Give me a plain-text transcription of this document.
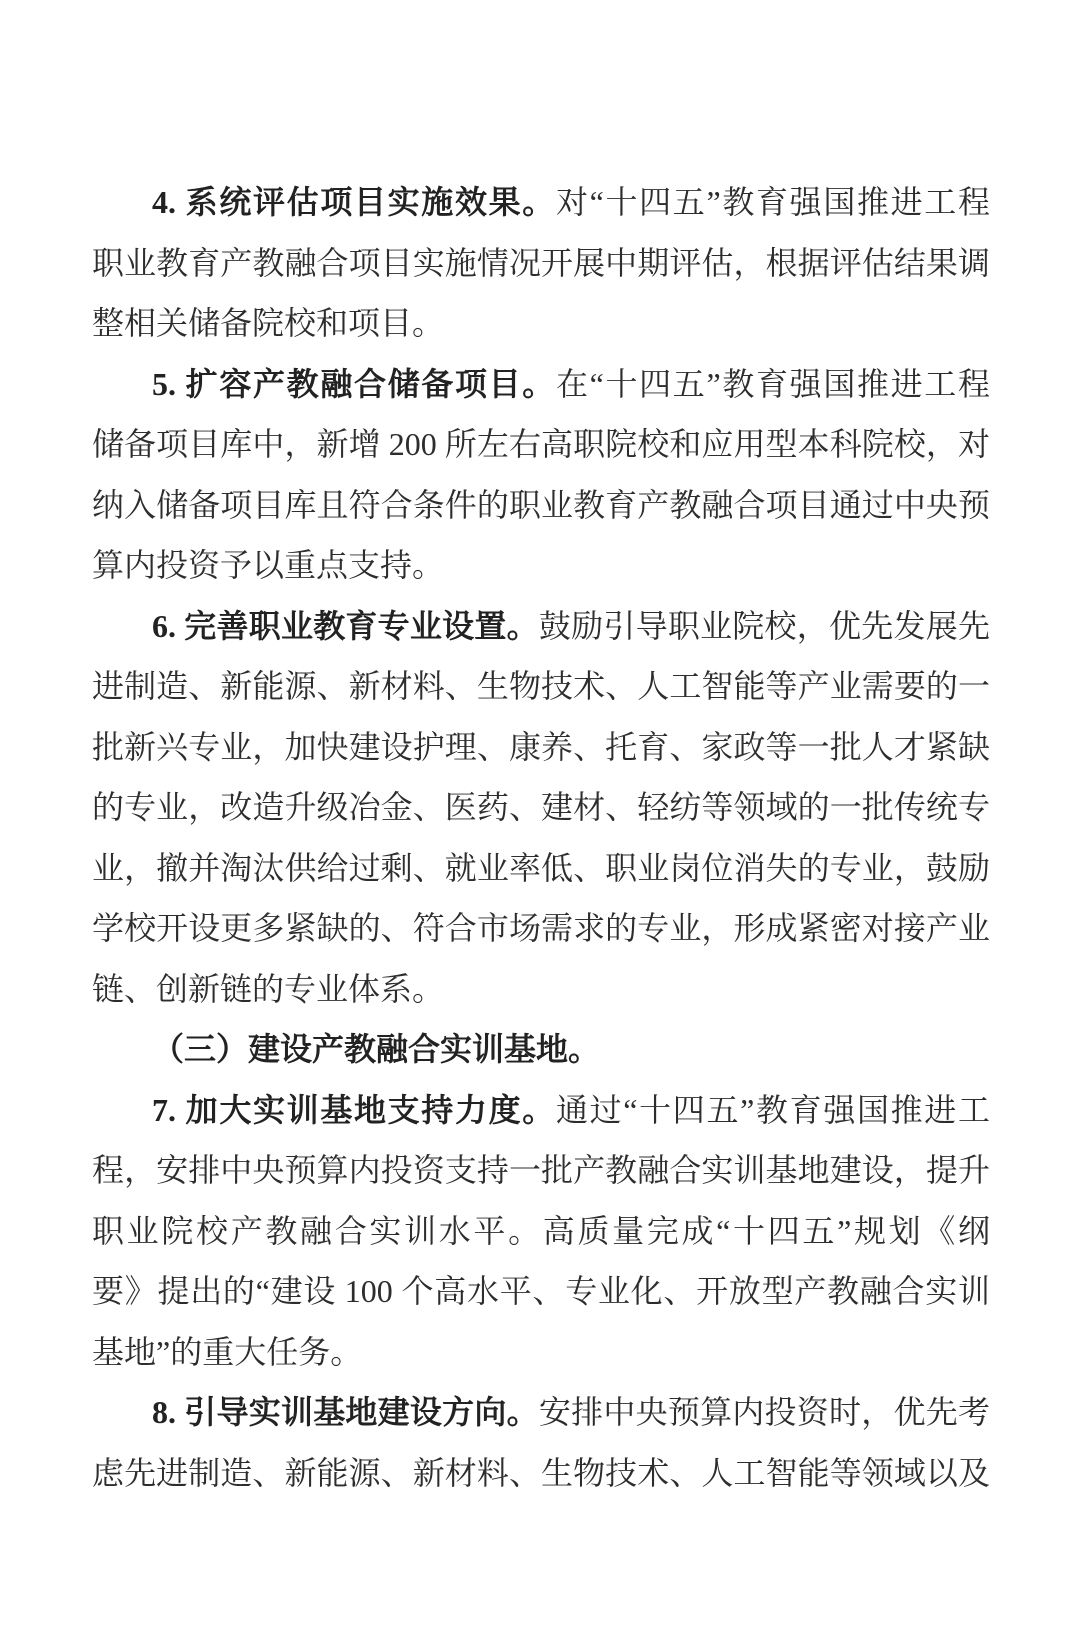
4. 系统评估项目实施效果。对“十四五”教育强国推进工程
职业教育产教融合项目实施情况开展中期评估，根据评估结果调
整相关储备院校和项目。
5. 扩容产教融合储备项目。在“十四五”教育强国推进工程
储备项目库中，新增 200 所左右高职院校和应用型本科院校，对
纳入储备项目库且符合条件的职业教育产教融合项目通过中央预
算内投资予以重点支持。
6. 完善职业教育专业设置。鼓励引导职业院校，优先发展先
进制造、新能源、新材料、生物技术、人工智能等产业需要的一
批新兴专业，加快建设护理、康养、托育、家政等一批人才紧缺
的专业，改造升级冶金、医药、建材、轻纺等领域的一批传统专
业，撤并淘汰供给过剩、就业率低、职业岗位消失的专业，鼓励
学校开设更多紧缺的、符合市场需求的专业，形成紧密对接产业
链、创新链的专业体系。
（三）建设产教融合实训基地。
7. 加大实训基地支持力度。通过“十四五”教育强国推进工
程，安排中央预算内投资支持一批产教融合实训基地建设，提升
职业院校产教融合实训水平。高质量完成“十四五”规划《纲
要》提出的“建设 100 个高水平、专业化、开放型产教融合实训
基地”的重大任务。
8. 引导实训基地建设方向。安排中央预算内投资时，优先考
虑先进制造、新能源、新材料、生物技术、人工智能等领域以及
